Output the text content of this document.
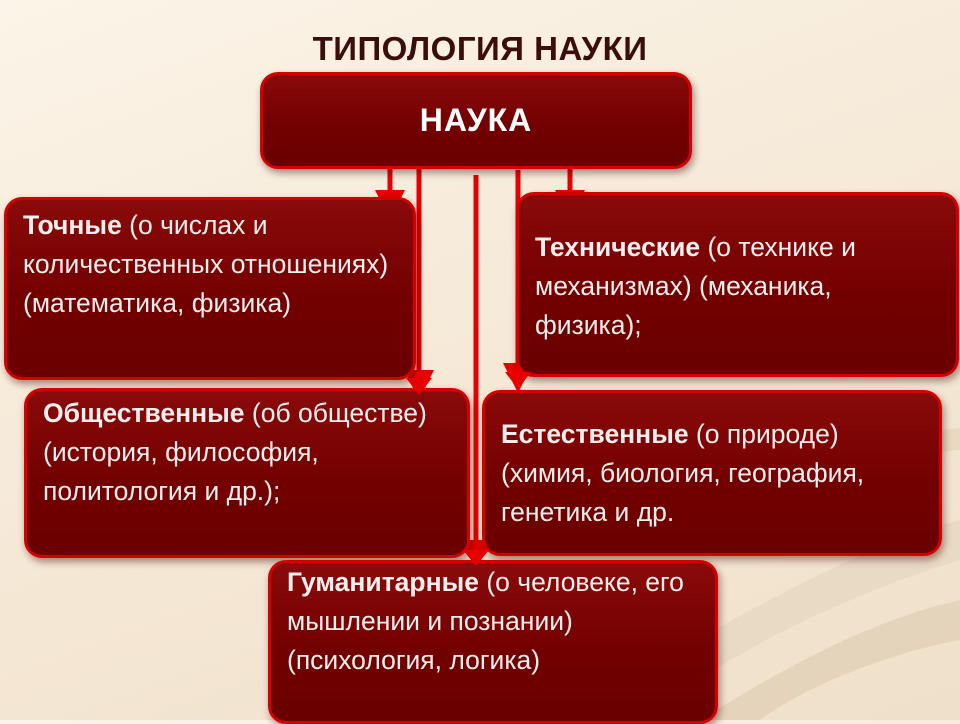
ТИПОЛОГИЯ НАУКИ
НАУКА
Точные (о числах и количественных отношениях) (математика, физика)
Технические (о технике и механизмах) (механика, физика);
Общественные (об обществе) (история, философия, политология и др.);
Естественные (о природе) (химия, биология, география, генетика и др.
Гуманитарные (о человеке, его мышлении и познании) (психология, логика)
